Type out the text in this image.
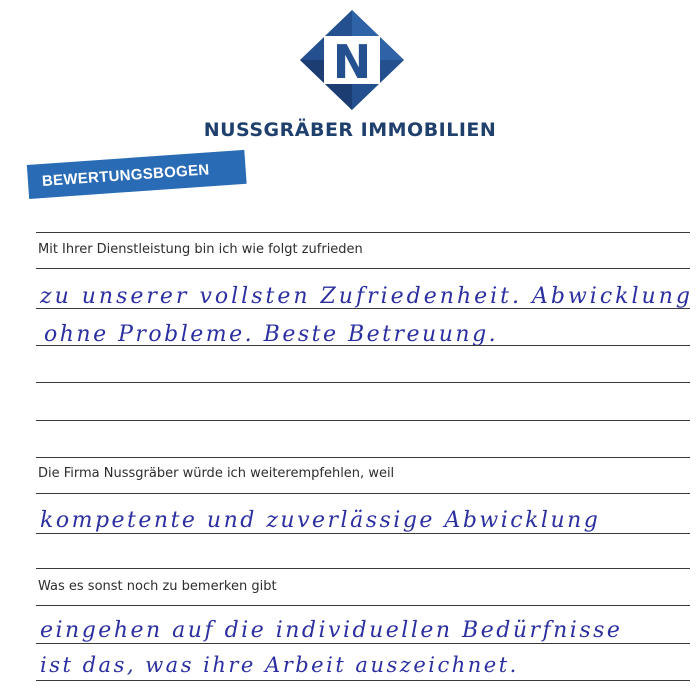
N
NUSSGRÄBER IMMOBILIEN
BEWERTUNGSBOGEN
Mit Ihrer Dienstleistung bin ich wie folgt zufrieden
zu unserer vollsten Zufriedenheit. Abwicklung
ohne Probleme. Beste Betreuung.
Die Firma Nussgräber würde ich weiterempfehlen, weil
kompetente und zuverlässige Abwicklung
Was es sonst noch zu bemerken gibt
eingehen auf die individuellen Bedürfnisse
ist das, was ihre Arbeit auszeichnet.
